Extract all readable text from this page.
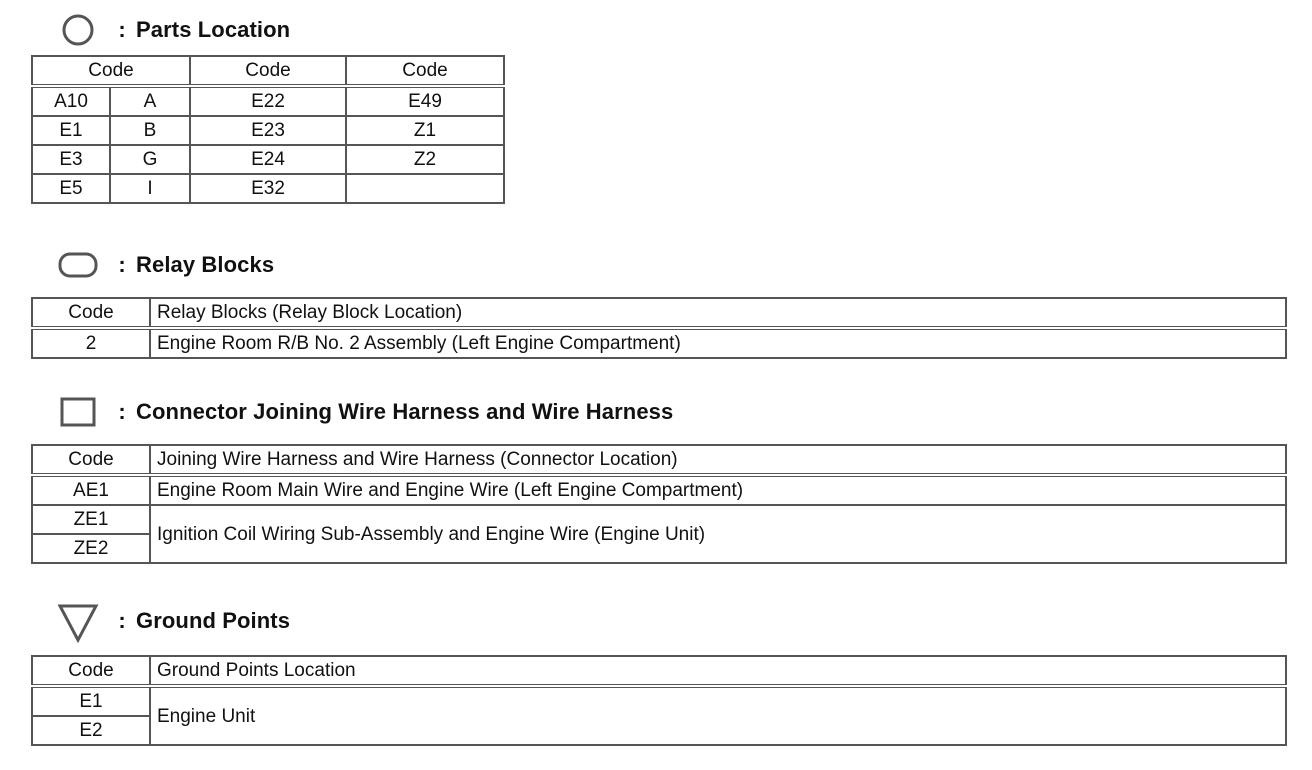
: Parts Location
Code		Code	Code
A10	A	E22	E49
E1	B	E23	Z1
E3	G	E24	Z2
E5	I	E32	
: Relay Blocks
Code	Relay Blocks (Relay Block Location)
2	Engine Room R/B No. 2 Assembly (Left Engine Compartment)
: Connector Joining Wire Harness and Wire Harness
Code	Joining Wire Harness and Wire Harness (Connector Location)
AE1	Engine Room Main Wire and Engine Wire (Left Engine Compartment)
ZE1	Ignition Coil Wiring Sub-Assembly and Engine Wire (Engine Unit)
ZE2	
: Ground Points
Code	Ground Points Location
E1	Engine Unit
E2	
